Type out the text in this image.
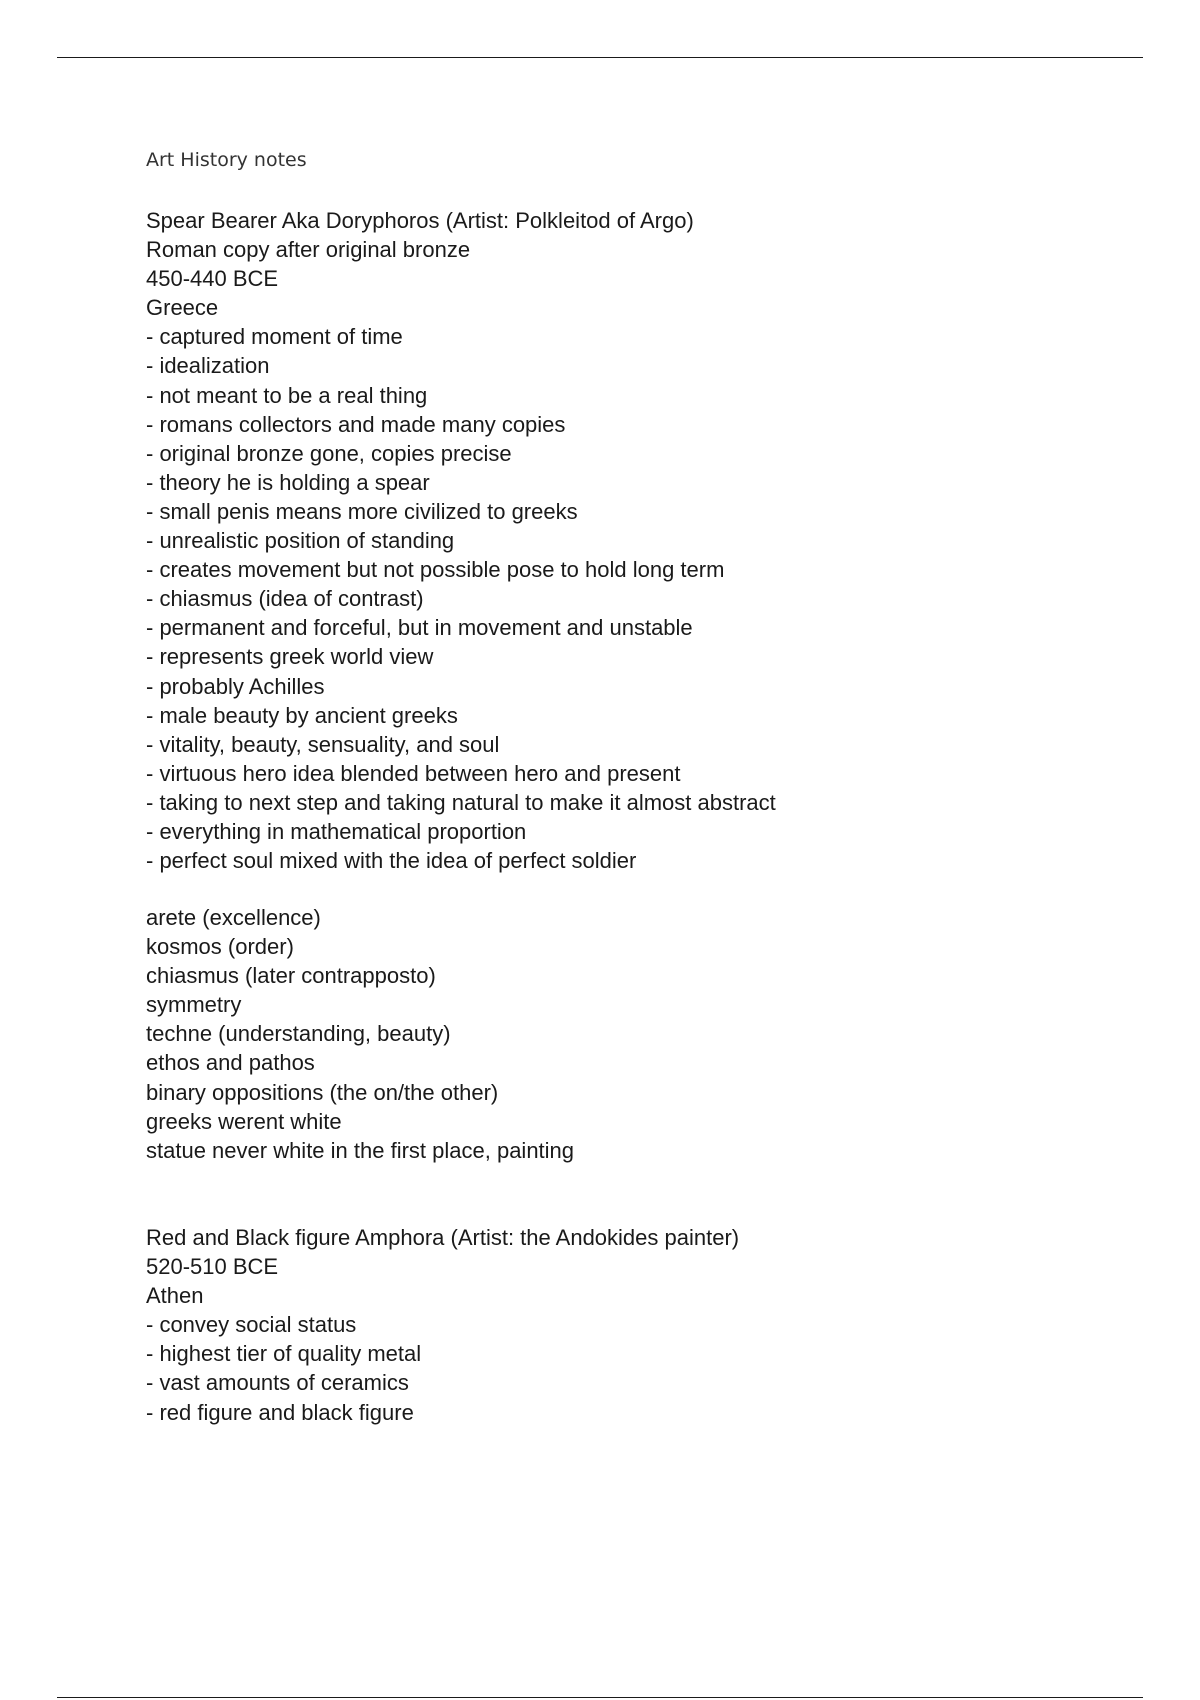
Art History notes
Spear Bearer Aka Doryphoros (Artist: Polkleitod of Argo)
Roman copy after original bronze
450-440 BCE
Greece
- captured moment of time
- idealization
- not meant to be a real thing
- romans collectors and made many copies
- original bronze gone, copies precise
- theory he is holding a spear
- small penis means more civilized to greeks
- unrealistic position of standing
- creates movement but not possible pose to hold long term
- chiasmus (idea of contrast)
- permanent and forceful, but in movement and unstable
- represents greek world view
- probably Achilles
- male beauty by ancient greeks
- vitality, beauty, sensuality, and soul
- virtuous hero idea blended between hero and present
- taking to next step and taking natural to make it almost abstract
- everything in mathematical proportion
- perfect soul mixed with the idea of perfect soldier
arete (excellence)
kosmos (order)
chiasmus (later contrapposto)
symmetry
techne (understanding, beauty)
ethos and pathos
binary oppositions (the on/the other)
greeks werent white
statue never white in the first place, painting
Red and Black figure Amphora (Artist: the Andokides painter)
520-510 BCE
Athen
- convey social status
- highest tier of quality metal
- vast amounts of ceramics
- red figure and black figure
